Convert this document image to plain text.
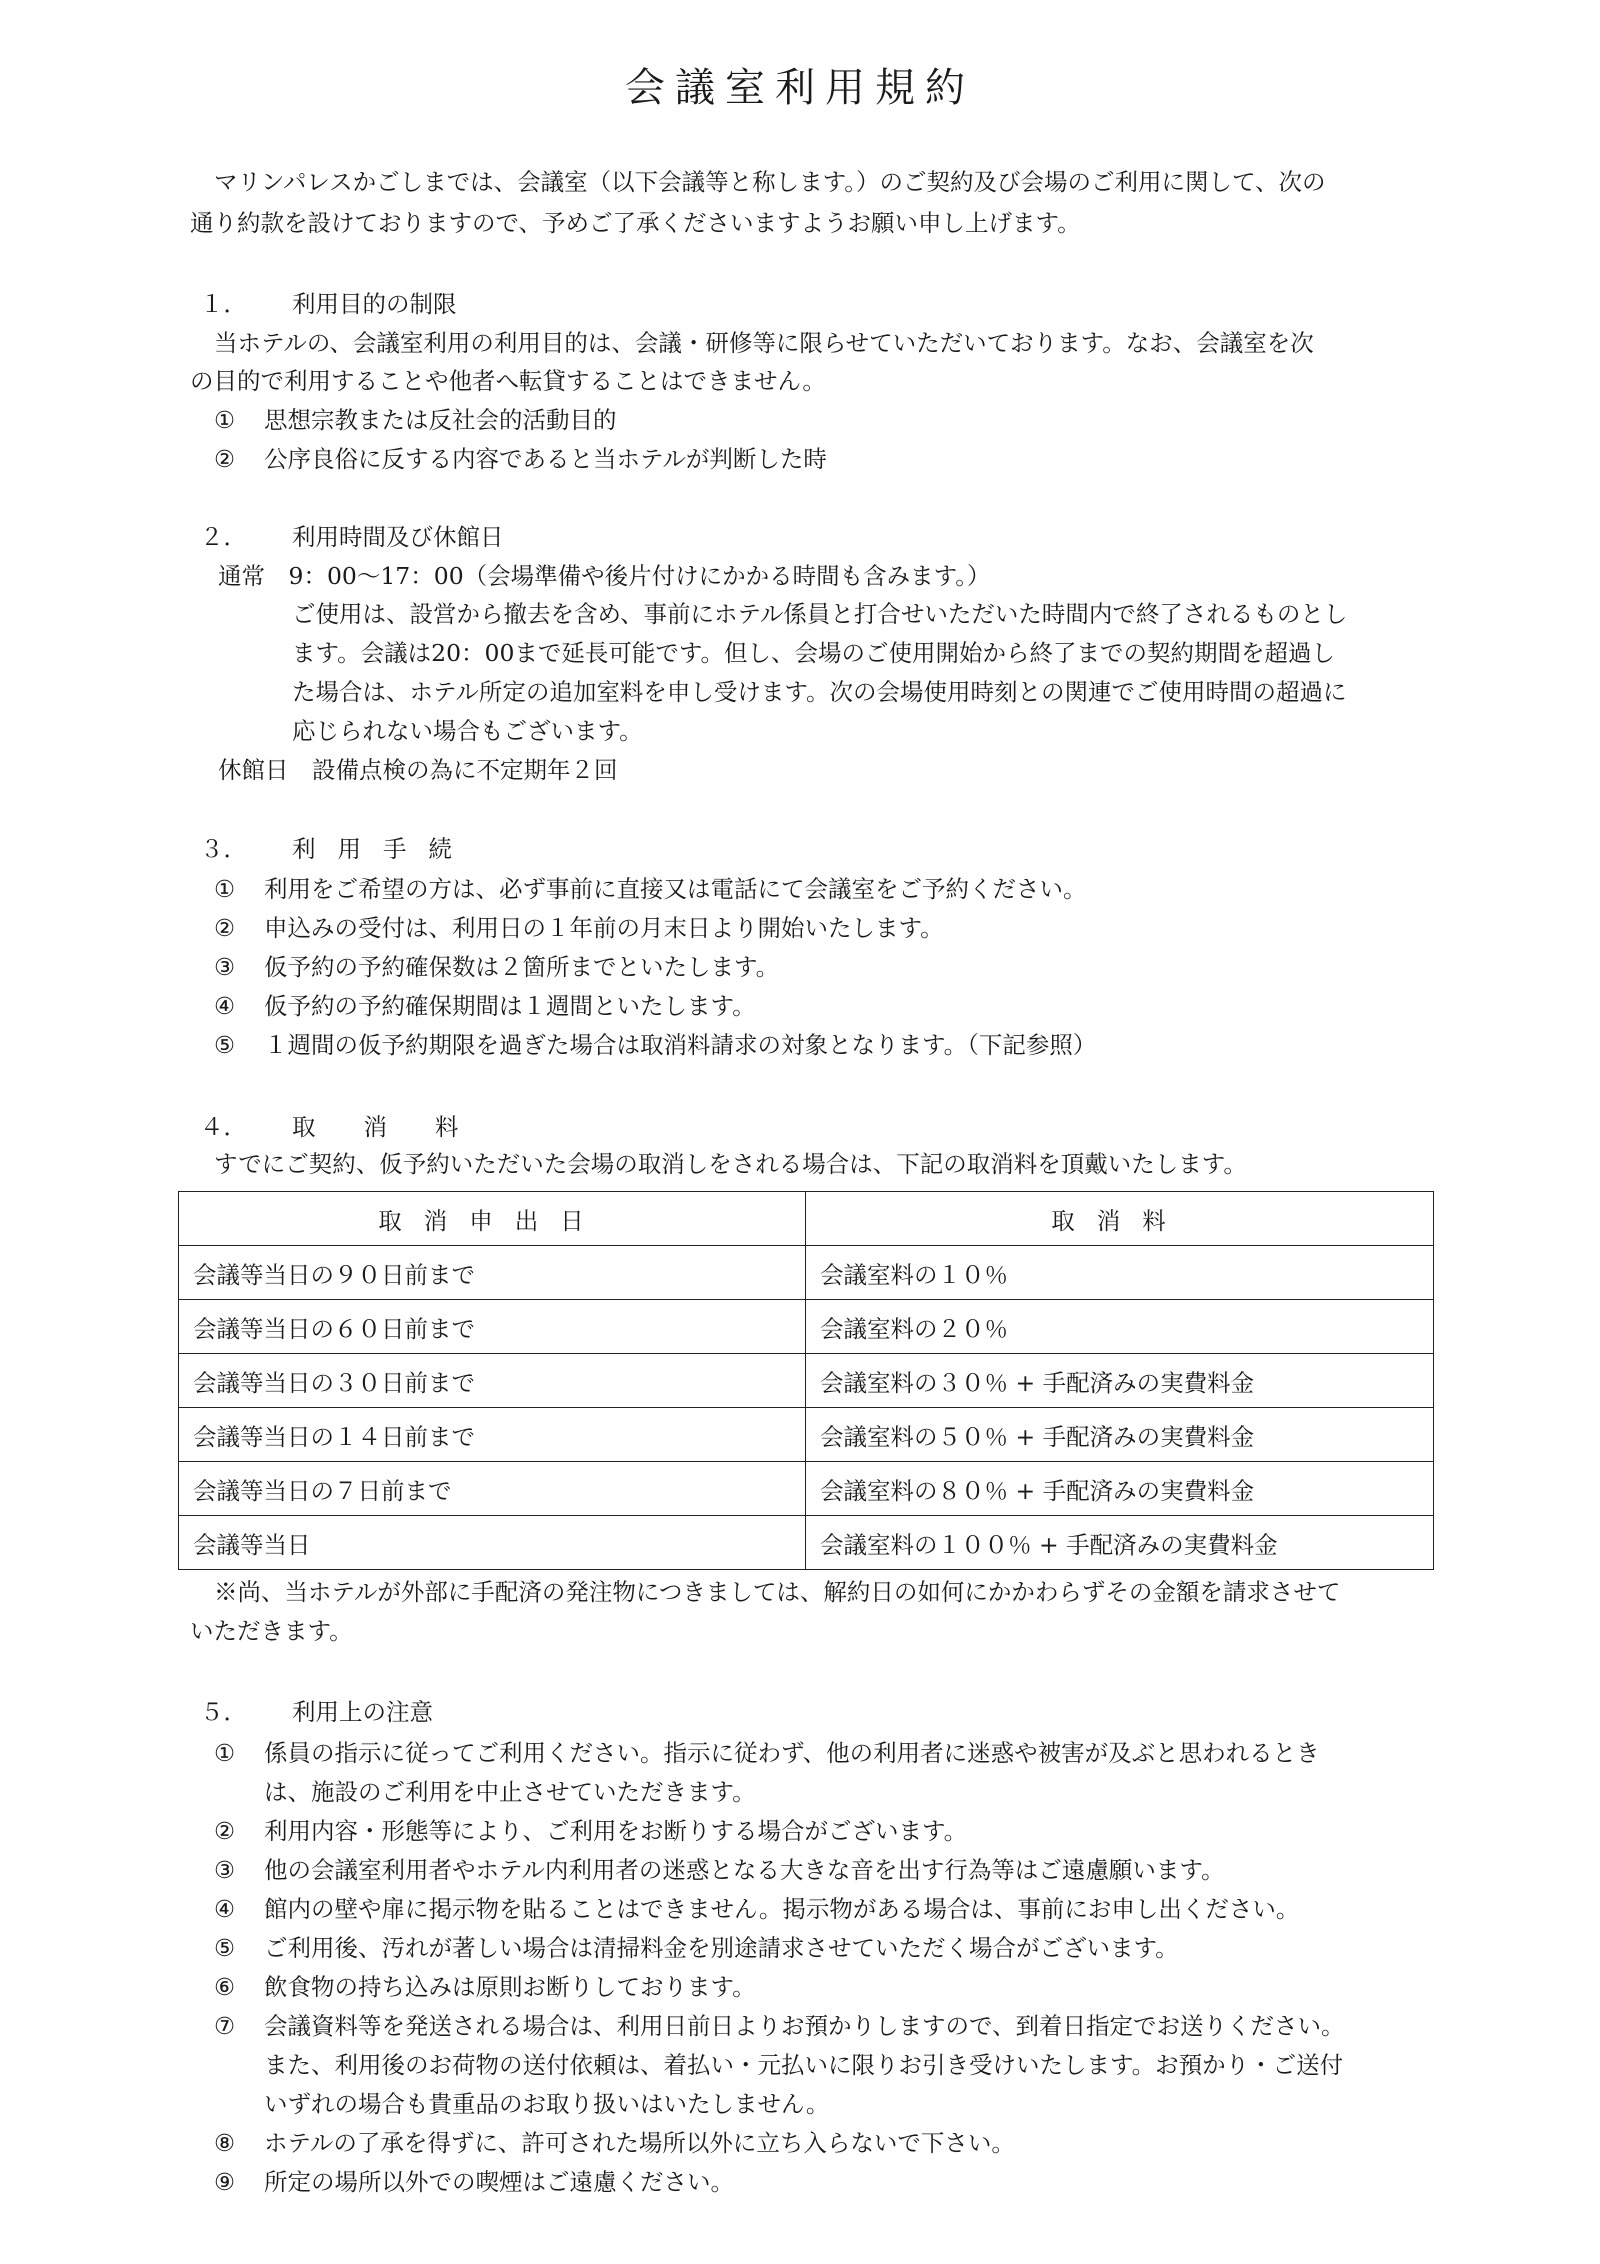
会議室利用規約
マリンパレスかごしまでは、会議室（以下会議等と称します。）のご契約及び会場のご利用に関して、次の
通り約款を設けておりますので、予めご了承くださいますようお願い申し上げます。
１． 利用目的の制限
当ホテルの、会議室利用の利用目的は、会議・研修等に限らせていただいております。なお、会議室を次
の目的で利用することや他者へ転貸することはできません。
① 思想宗教または反社会的活動目的
② 公序良俗に反する内容であると当ホテルが判断した時
２． 利用時間及び休館日
通常　9：00〜17：00（会場準備や後片付けにかかる時間も含みます。）
ご使用は、設営から撤去を含め、事前にホテル係員と打合せいただいた時間内で終了されるものとし
ます。会議は20：00まで延長可能です。但し、会場のご使用開始から終了までの契約期間を超過し
た場合は、ホテル所定の追加室料を申し受けます。次の会場使用時刻との関連でご使用時間の超過に
応じられない場合もございます。
休館日　設備点検の為に不定期年２回
３． 利用手続
① 利用をご希望の方は、必ず事前に直接又は電話にて会議室をご予約ください。
② 申込みの受付は、利用日の１年前の月末日より開始いたします。
③ 仮予約の予約確保数は２箇所までといたします。
④ 仮予約の予約確保期間は１週間といたします。
⑤ １週間の仮予約期限を過ぎた場合は取消料請求の対象となります。（下記参照）
４． 取消料
すでにご契約、仮予約いただいた会場の取消しをされる場合は、下記の取消料を頂戴いたします。
取消申出日	取消料
会議等当日の９０日前まで	会議室料の１０％
会議等当日の６０日前まで	会議室料の２０％
会議等当日の３０日前まで	会議室料の３０％ + 手配済みの実費料金
会議等当日の１４日前まで	会議室料の５０％ + 手配済みの実費料金
会議等当日の７日前まで	会議室料の８０％ + 手配済みの実費料金
会議等当日	会議室料の１００％ + 手配済みの実費料金
※尚、当ホテルが外部に手配済の発注物につきましては、解約日の如何にかかわらずその金額を請求させて
いただきます。
５． 利用上の注意
① 係員の指示に従ってご利用ください。指示に従わず、他の利用者に迷惑や被害が及ぶと思われるとき
は、施設のご利用を中止させていただきます。
② 利用内容・形態等により、ご利用をお断りする場合がございます。
③ 他の会議室利用者やホテル内利用者の迷惑となる大きな音を出す行為等はご遠慮願います。
④ 館内の壁や扉に掲示物を貼ることはできません。掲示物がある場合は、事前にお申し出ください。
⑤ ご利用後、汚れが著しい場合は清掃料金を別途請求させていただく場合がございます。
⑥ 飲食物の持ち込みは原則お断りしております。
⑦ 会議資料等を発送される場合は、利用日前日よりお預かりしますので、到着日指定でお送りください。
また、利用後のお荷物の送付依頼は、着払い・元払いに限りお引き受けいたします。お預かり・ご送付
いずれの場合も貴重品のお取り扱いはいたしません。
⑧ ホテルの了承を得ずに、許可された場所以外に立ち入らないで下さい。
⑨ 所定の場所以外での喫煙はご遠慮ください。
